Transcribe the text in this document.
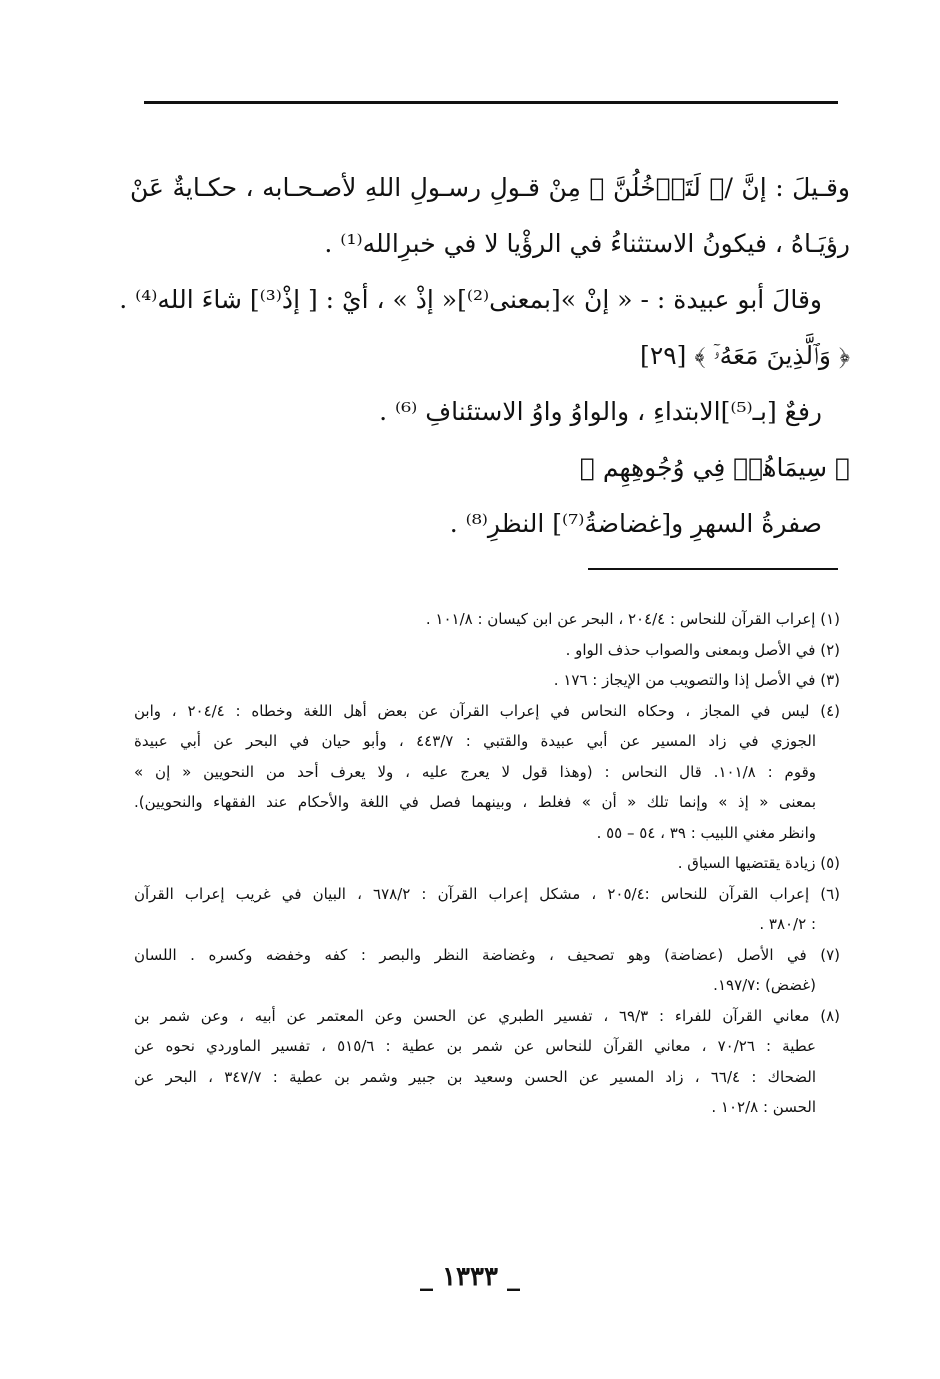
وقـيلَ : إنَّ /﴿ لَتَدۡخُلُنَّ ﴾ مِنْ قـولِ رسـولِ اللهِ لأصـحـابه ، حكـايةٌ عَنْ
رؤيَـاهُ ، فيكونُ الاستثناءُ في الرؤْيا لا في خبرِالله⁽¹⁾ .
وقالَ أبو عبيدة : - « إنْ »[بمعنى⁽²⁾]« إذْ » ، أيْ : [ إذْ⁽³⁾] شاءَ الله⁽⁴⁾ .
﴿ وَٱلَّذِينَ مَعَهُۥٓ ﴾ [٢٩]
رفعٌ [بـ⁽⁵⁾]الابتداءِ ، والواوُ واوُ الاستئنافِ ⁽⁶⁾ .
﴿ سِيمَاهُمۡ فِي وُجُوهِهِم ﴾
صفرةُ السهرِ و[غضاضةُ⁽⁷⁾] النظرِ⁽⁸⁾ .
(١) إعراب القرآن للنحاس : ٢٠٤/٤ ، البحر عن ابن كيسان : ١٠١/٨ .
(٢) في الأصل وبمعنى والصواب حذف الواو .
(٣) في الأصل إذا والتصويب من الإيجاز : ١٧٦ .
(٤) ليس في المجاز ، وحكاه النحاس في إعراب القرآن عن بعض أهل اللغة وخطاه : ٢٠٤/٤ ، وابن
الجوزي في زاد المسير عن أبي عبيدة والقتبي : ٤٤٣/٧ ، وأبو حيان في البحر عن أبي عبيدة
وقوم : ١٠١/٨. قال النحاس : (وهذا قول لا يعرج عليه ، ولا يعرف أحد من النحويين « إن »
بمعنى « إذ » وإنما تلك « أن » فغلط ، وبينهما فصل في اللغة والأحكام عند الفقهاء والنحويين).
وانظر مغني اللبيب : ٣٩ ، ٥٤ – ٥٥ .
(٥) زيادة يقتضيها السياق .
(٦) إعراب القرآن للنحاس :٢٠٥/٤ ، مشكل إعراب القرآن : ٦٧٨/٢ ، البيان في غريب إعراب القرآن
: ٣٨٠/٢ .
(٧) في الأصل (عضاضة) وهو تصحيف ، وغضاضة النظر والبصر : كفه وخفضه وكسره . اللسان
(غضض) :١٩٧/٧.
(٨) معاني القرآن للفراء : ٦٩/٣ ، تفسير الطبري عن الحسن وعن المعتمر عن أبيه ، وعن شمر بن
عطية : ٧٠/٢٦ ، معاني القرآن للنحاس عن شمر بن عطية : ٥١٥/٦ ، تفسير الماوردي نحوه عن
الضحاك : ٦٦/٤ ، زاد المسير عن الحسن وسعيد بن جبير وشمر بن عطية : ٣٤٧/٧ ، البحر عن
الحسن : ١٠٢/٨ .
_ ١٣٣٣ _
